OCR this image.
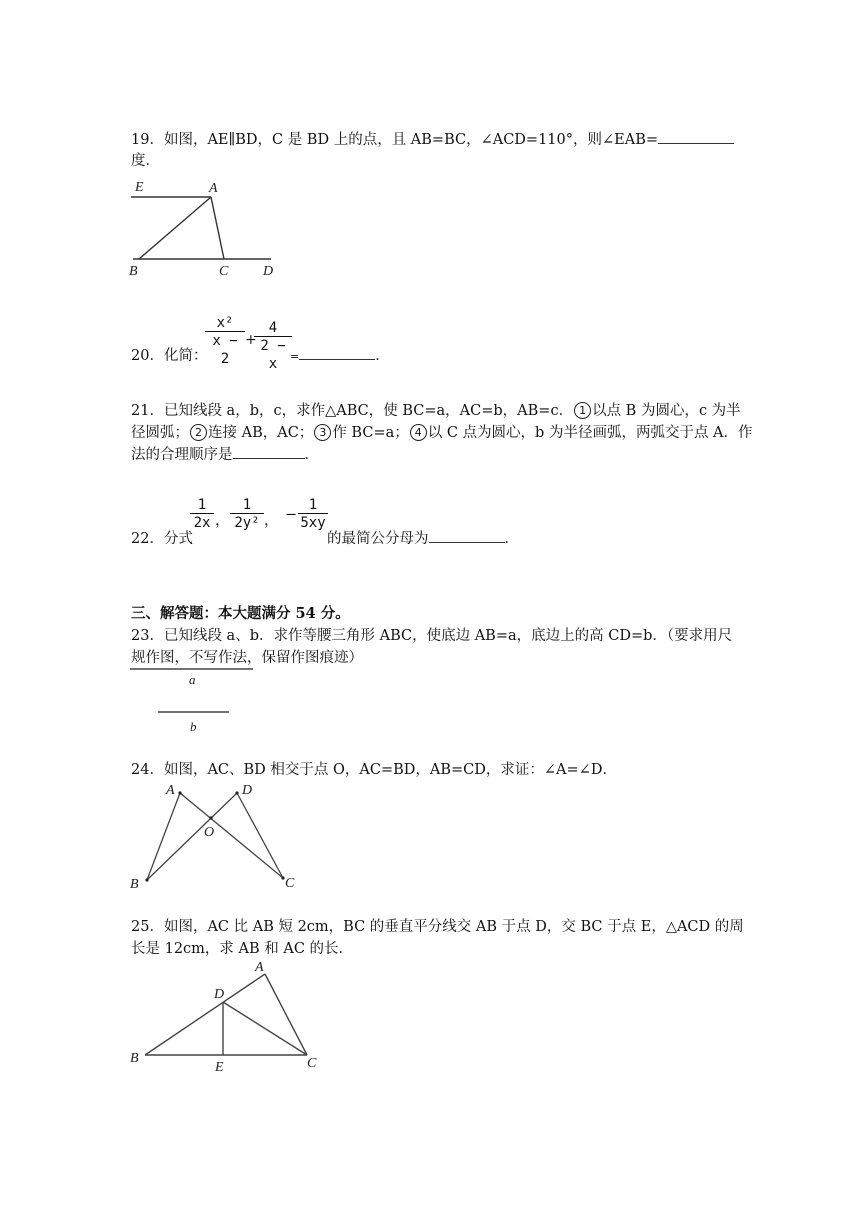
19．如图，AE∥BD，C 是 BD 上的点，且 AB=BC，∠ACD=110°，则∠EAB=
度．
E	A
B	C D
20．化简：
$\frac{\text{x²}}{x - 2}$ +
$\frac{4}{2 - x}$
=	．
21．已知线段 a，b，c，求作△ABC，使 BC=a，AC=b，AB=c． 1 以点 B 为圆心，c 为半
径圆弧； 2 连接 AB，AC； 3 作 BC=a； 4 以 C 点为圆心，b 为半径画弧，两弧交于点 A．作
法的合理顺序是	．
22．分式
$\frac{1}{2x}$ ， $\frac{1}{\text{2y²}}$ ， − $\frac{1}{5xy}$
的最简公分母为	．
三、解答题：本大题满分 54 分。
23．已知线段 a、b．求作等腰三角形 ABC，使底边 AB=a，底边上的高 CD=b．（要求用尺
规作图，不写作法，保留作图痕迹）
a
b
24．如图，AC、BD 相交于点 O，AC=BD，AB=CD，求证：∠A=∠D．
A	D
O
B	C
25．如图，AC 比 AB 短 2cm，BC 的垂直平分线交 AB 于点 D，交 BC 于点 E，△ACD 的周
长是 12cm，求 AB 和 AC 的长．
A
D
B
E	C
